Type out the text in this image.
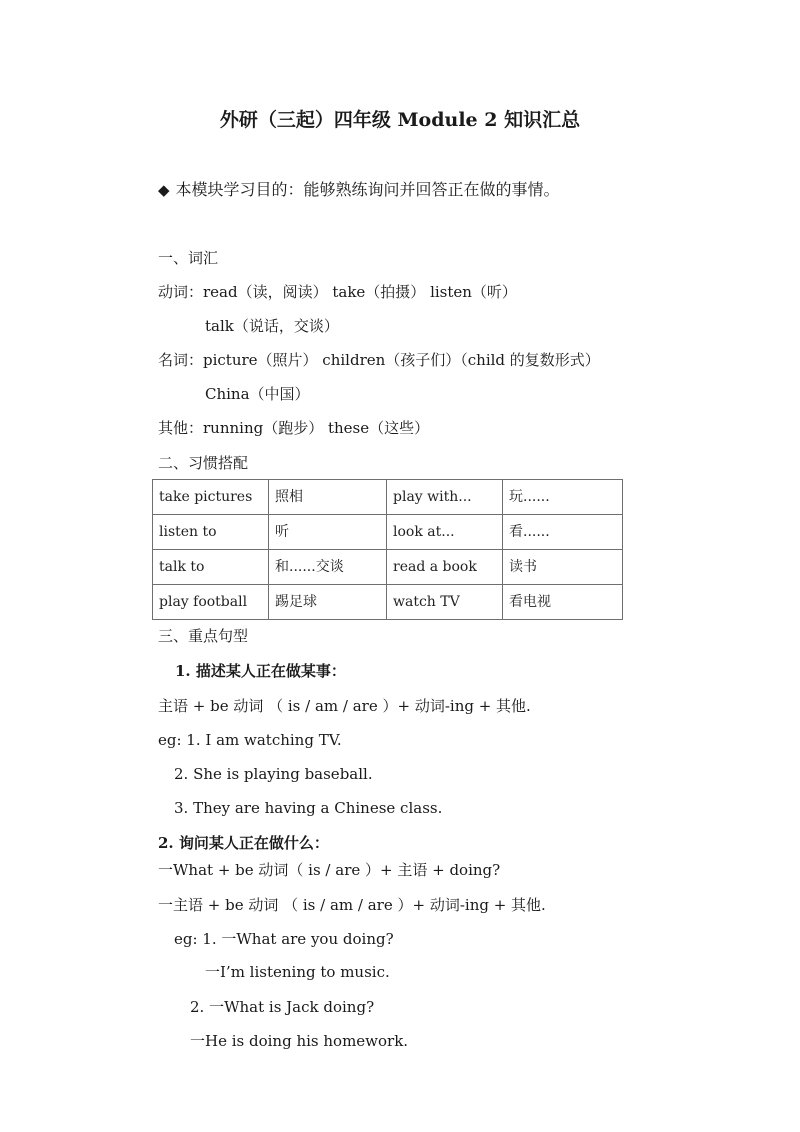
外研（三起）四年级 Module 2 知识汇总
◆ 本模块学习目的：能够熟练询问并回答正在做的事情。
一、词汇
动词：read（读，阅读） take（拍摄） listen（听）
talk（说话，交谈）
名词：picture（照片） children（孩子们）（child 的复数形式）
China（中国）
其他：running（跑步） these（这些）
二、习惯搭配
take pictures	照相	play with...	玩......
listen to	听	look at...	看......
talk to	和......交谈	read a book	读书
play football	踢足球	watch TV	看电视
三、重点句型
1. 描述某人正在做某事：
主语 + be 动词 （ is / am / are ）+ 动词-ing + 其他.
eg: 1. I am watching TV.
2. She is playing baseball.
3. They are having a Chinese class.
2. 询问某人正在做什么：
一What + be 动词（ is / are ）+ 主语 + doing?
一主语 + be 动词 （ is / am / are ）+ 动词-ing + 其他.
eg: 1. 一What are you doing?
一I’m listening to music.
2. 一What is Jack doing?
一He is doing his homework.
